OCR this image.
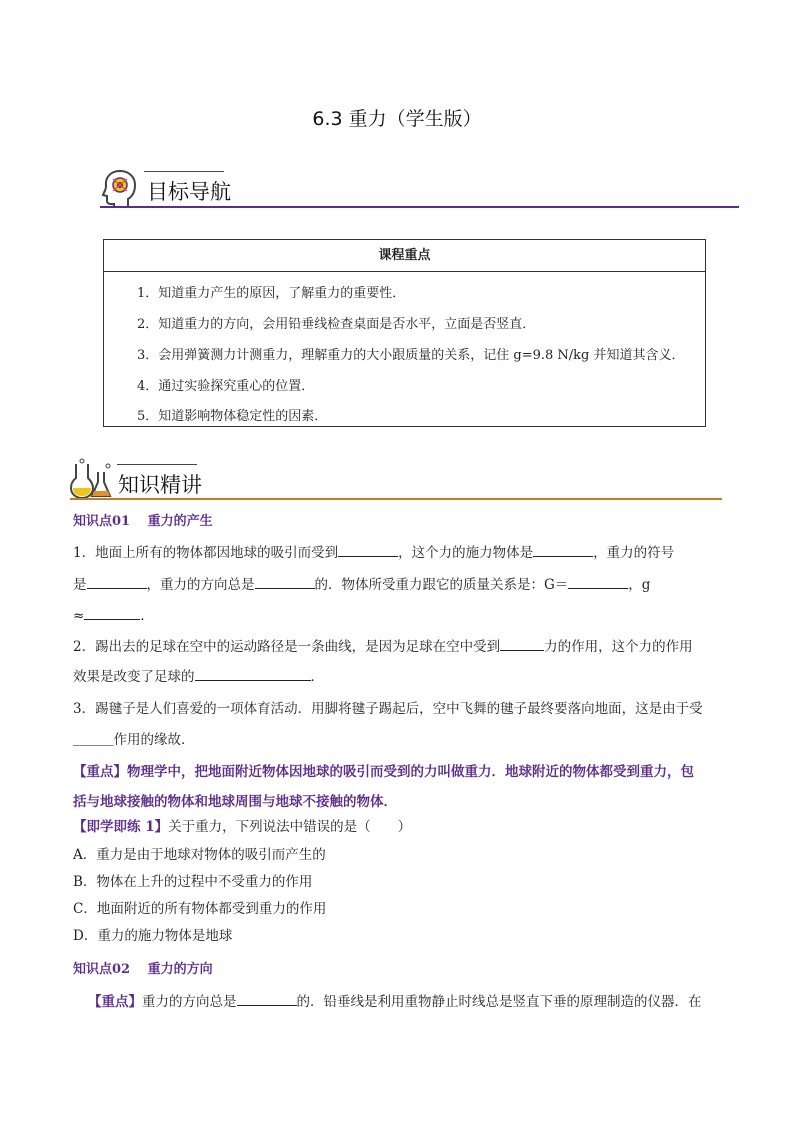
6.3 重力（学生版）
目标导航
课程重点
1．知道重力产生的原因，了解重力的重要性．
2．知道重力的方向，会用铅垂线检查桌面是否水平，立面是否竖直．
3．会用弹簧测力计测重力，理解重力的大小跟质量的关系，记住 g=9.8 N/kg 并知道其含义．
4．通过实验探究重心的位置．
5．知道影响物体稳定性的因素．
知识精讲
知识点01　 重力的产生
1．地面上所有的物体都因地球的吸引而受到	，这个力的施力物体是	，重力的符号
是	，重力的方向总是	的．物体所受重力跟它的质量关系是：G＝	，g
≈	．
2．踢出去的足球在空中的运动路径是一条曲线，是因为足球在空中受到	力的作用，这个力的作用
效果是改变了足球的	．
3．踢毽子是人们喜爱的一项体育活动．用脚将毽子踢起后，空中飞舞的毽子最终要落向地面，这是由于受
＿＿＿作用的缘故．
【重点】物理学中，把地面附近物体因地球的吸引而受到的力叫做重力．地球附近的物体都受到重力，包
括与地球接触的物体和地球周围与地球不接触的物体．
【即学即练 1】关于重力，下列说法中错误的是（　　）
A．重力是由于地球对物体的吸引而产生的
B．物体在上升的过程中不受重力的作用
C．地面附近的所有物体都受到重力的作用
D．重力的施力物体是地球
知识点02　 重力的方向
【重点】重力的方向总是	的．铅垂线是利用重物静止时线总是竖直下垂的原理制造的仪器．在
